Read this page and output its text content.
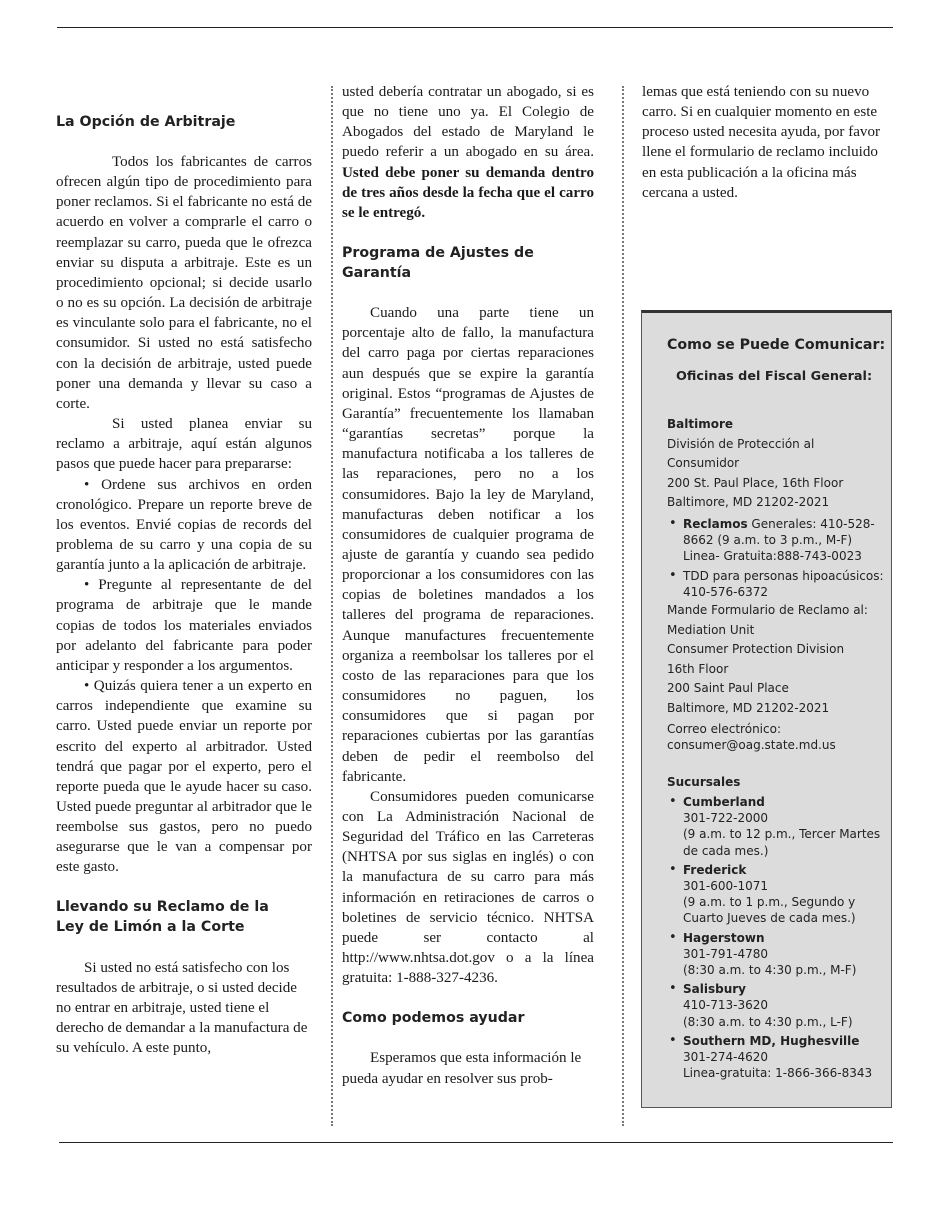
La Opción de Arbitraje

Todos los fabricantes de carros ofrecen algún tipo de procedimiento para poner reclamos. Si el fabricante no está de acuerdo en volver a comprarle el carro o reemplazar su carro, pueda que le ofrezca enviar su disputa a arbitraje. Este es un procedimiento opcional; si decide usarlo o no es su opción. La decisión de arbitraje es vinculante solo para el fabricante, no el consumidor. Si usted no está satisfecho con la decisión de arbitraje, usted puede poner una demanda y llevar su caso a corte.

Si usted planea enviar su reclamo a arbitraje, aquí están algunos pasos que puede hacer para prepararse:

• Ordene sus archivos en orden cronológico. Prepare un reporte breve de los eventos. Envié copias de records del problema de su carro y una copia de su garantía junto a la aplicación de arbitraje.

• Pregunte al representante de del programa de arbitraje que le mande copias de todos los materiales enviados por adelanto del fabricante para poder anticipar y responder a los argumentos.

• Quizás quiera tener a un experto en carros independiente que examine su carro. Usted puede enviar un reporte por escrito del experto al arbitrador. Usted tendrá que pagar por el experto, pero el reporte pueda que le ayude hacer su caso. Usted puede preguntar al arbitrador que le reembolse sus gastos, pero no puedo asegurarse que le van a compensar por este gasto.

Llevando su Reclamo de la
Ley de Limón a la Corte

Si usted no está satisfecho con los resultados de arbitraje, o si usted decide no entrar en arbitraje, usted tiene el derecho de demandar a la manufactura de su vehículo. A este punto,

usted debería contratar un abogado, si es que no tiene uno ya. El Colegio de Abogados del estado de Maryland le puedo referir a un abogado en su área. Usted debe poner su demanda dentro de tres años desde la fecha que el carro se le entregó.

Programa de Ajustes de Garantía

Cuando una parte tiene un porcentaje alto de fallo, la manufactura del carro paga por ciertas reparaciones aun después que se expire la garantía original. Estos “programas de Ajustes de Garantía” frecuentemente los llamaban “garantías secretas” porque la manufactura notificaba a los talleres de las reparaciones, pero no a los consumidores. Bajo la ley de Maryland, manufacturas deben notificar a los consumidores de cualquier programa de ajuste de garantía y cuando sea pedido proporcionar a los consumidores con las copias de boletines mandados a los talleres del programa de reparaciones. Aunque manufactures frecuentemente organiza a reembolsar los talleres por el costo de las reparaciones para que los consumidores no paguen, los consumidores que si pagan por reparaciones cubiertas por las garantías deben de pedir el reembolso del fabricante.

Consumidores pueden comunicarse con La Administración Nacional de Seguridad del Tráfico en las Carreteras (NHTSA por sus siglas en inglés) o con la manufactura de su carro para más información en retiraciones de carros o boletines de servicio técnico. NHTSA puede ser contacto al http://www.nhtsa.dot.gov o a la línea gratuita: 1-888-327-4236.

Como podemos ayudar

Esperamos que esta información le pueda ayudar en resolver sus prob-

lemas que está teniendo con su nuevo carro. Si en cualquier momento en este proceso usted necesita ayuda, por favor llene el formulario de reclamo incluido en esta publicación a la oficina más cercana a usted.

Como se Puede Comunicar:
Oficinas del Fiscal General:
Baltimore
División de Protección al Consumidor
200 St. Paul Place, 16th Floor
Baltimore, MD 21202-2021
• Reclamos Generales: 410-528-8662 (9 a.m. to 3 p.m., M-F) Linea- Gratuita:888-743-0023
• TDD para personas hipoacúsicos: 410-576-6372
Mande Formulario de Reclamo al:
Mediation Unit
Consumer Protection Division
16th Floor
200 Saint Paul Place
Baltimore, MD 21202-2021
Correo electrónico:
consumer@oag.state.md.us
Sucursales
• Cumberland
301-722-2000
(9 a.m. to 12 p.m., Tercer Martes de cada mes.)
• Frederick
301-600-1071
(9 a.m. to 1 p.m., Segundo y Cuarto Jueves de cada mes.)
• Hagerstown
301-791-4780
(8:30 a.m. to 4:30 p.m., M-F)
• Salisbury
410-713-3620
(8:30 a.m. to 4:30 p.m., L-F)
• Southern MD, Hughesville
301-274-4620
Linea-gratuita: 1-866-366-8343
